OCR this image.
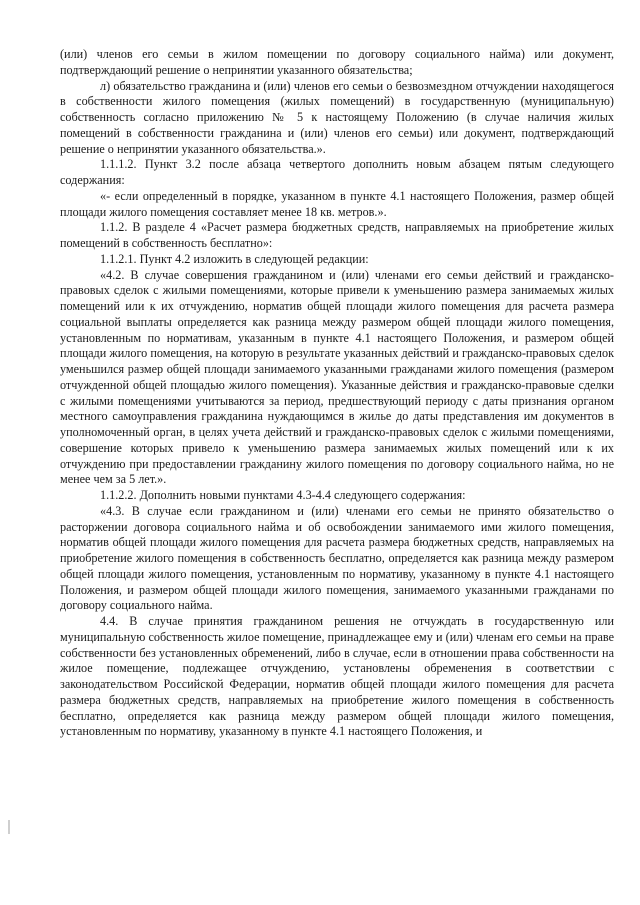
(или) членов его семьи в жилом помещении по договору социального найма) или документ, подтверждающий решение о непринятии указанного обязательства;

л) обязательство гражданина и (или) членов его семьи о безвозмездном отчуждении находящегося в собственности жилого помещения (жилых помещений) в государственную (муниципальную) собственность согласно приложению № 5 к настоящему Положению (в случае наличия жилых помещений в собственности гражданина и (или) членов его семьи) или документ, подтверждающий решение о непринятии указанного обязательства.».

1.1.1.2. Пункт 3.2 после абзаца четвертого дополнить новым абзацем пятым следующего содержания:

«- если определенный в порядке, указанном в пункте 4.1 настоящего Положения, размер общей площади жилого помещения составляет менее 18 кв. метров.».

1.1.2. В разделе 4 «Расчет размера бюджетных средств, направляемых на приобретение жилых помещений в собственность бесплатно»:

1.1.2.1. Пункт 4.2 изложить в следующей редакции:

«4.2. В случае совершения гражданином и (или) членами его семьи действий и гражданско-правовых сделок с жилыми помещениями, которые привели к уменьшению размера занимаемых жилых помещений или к их отчуждению, норматив общей площади жилого помещения для расчета размера социальной выплаты определяется как разница между размером общей площади жилого помещения, установленным по нормативам, указанным в пункте 4.1 настоящего Положения, и размером общей площади жилого помещения, на которую в результате указанных действий и гражданско-правовых сделок уменьшился размер общей площади занимаемого указанными гражданами жилого помещения (размером отчужденной общей площадью жилого помещения). Указанные действия и гражданско-правовые сделки с жилыми помещениями учитываются за период, предшествующий периоду с даты признания органом местного самоуправления гражданина нуждающимся в жилье до даты представления им документов в уполномоченный орган, в целях учета действий и гражданско-правовых сделок с жилыми помещениями, совершение которых привело к уменьшению размера занимаемых жилых помещений или к их отчуждению при предоставлении гражданину жилого помещения по договору социального найма, но не менее чем за 5 лет.».

1.1.2.2. Дополнить новыми пунктами 4.3-4.4 следующего содержания:

«4.3. В случае если гражданином и (или) членами его семьи не принято обязательство о расторжении договора социального найма и об освобождении занимаемого ими жилого помещения, норматив общей площади жилого помещения для расчета размера бюджетных средств, направляемых на приобретение жилого помещения в собственность бесплатно, определяется как разница между размером общей площади жилого помещения, установленным по нормативу, указанному в пункте 4.1 настоящего Положения, и размером общей площади жилого помещения, занимаемого указанными гражданами по договору социального найма.

4.4. В случае принятия гражданином решения не отчуждать в государственную или муниципальную собственность жилое помещение, принадлежащее ему и (или) членам его семьи на праве собственности без установленных обременений, либо в случае, если в отношении права собственности на жилое помещение, подлежащее отчуждению, установлены обременения в соответствии с законодательством Российской Федерации, норматив общей площади жилого помещения для расчета размера бюджетных средств, направляемых на приобретение жилого помещения в собственность бесплатно, определяется как разница между размером общей площади жилого помещения, установленным по нормативу, указанному в пункте 4.1 настоящего Положения, и
